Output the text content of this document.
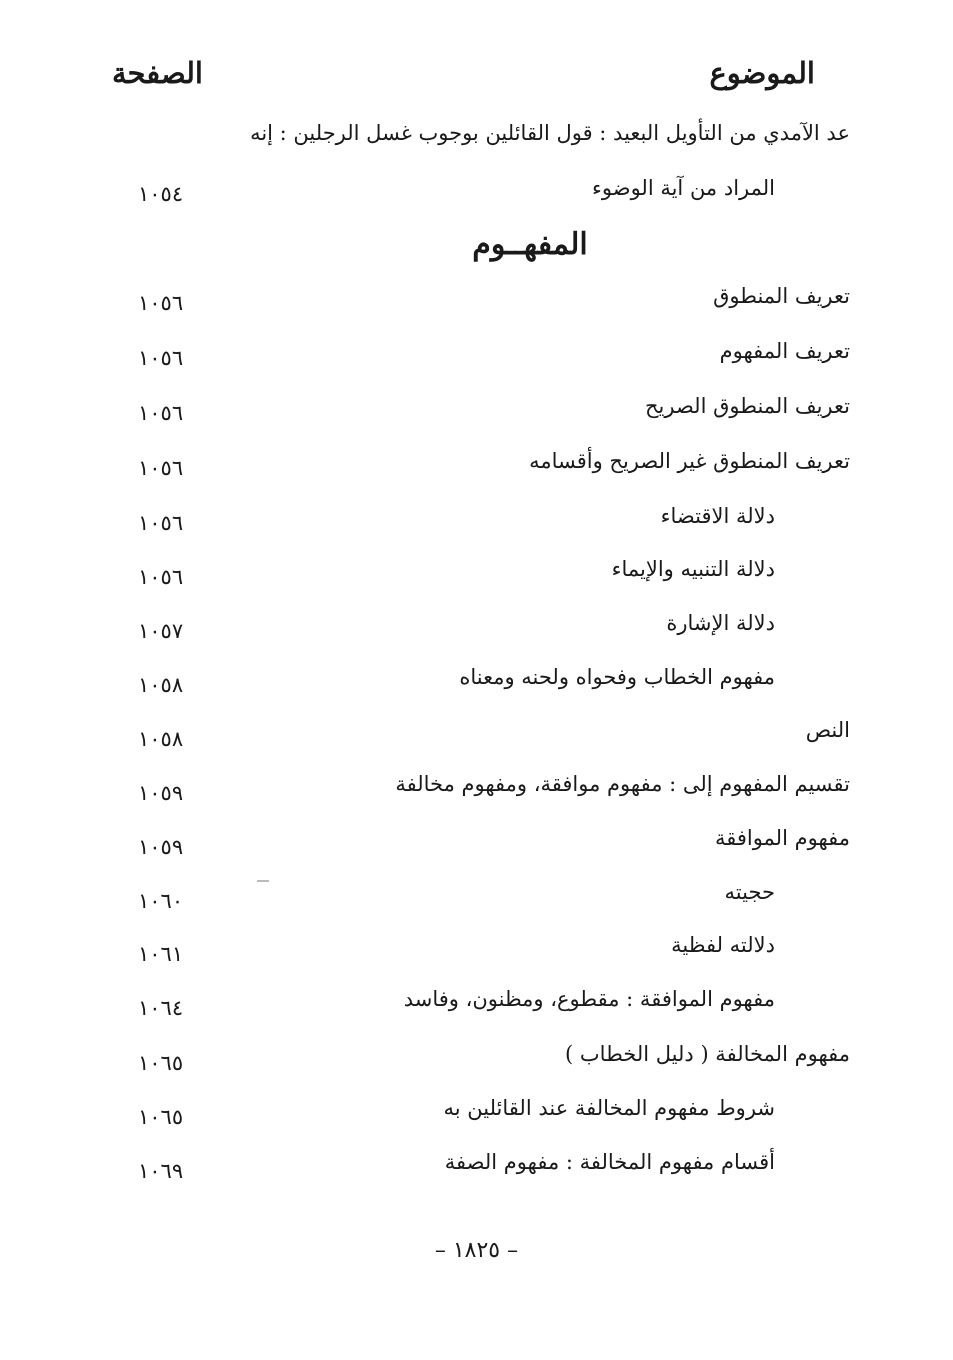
الموضوع
الصفحة
عد الآمدي من التأويل البعيد : قول القائلين بوجوب غسل الرجلين : إنه
المراد من آية الوضوء
١٠٥٤
المفهــوم
تعريف المنطوق
١٠٥٦
تعريف المفهوم
١٠٥٦
تعريف المنطوق الصريح
١٠٥٦
تعريف المنطوق غير الصريح وأقسامه
١٠٥٦
دلالة الاقتضاء
١٠٥٦
دلالة التنبيه والإيماء
١٠٥٦
دلالة الإشارة
١٠٥٧
مفهوم الخطاب وفحواه ولحنه ومعناه
١٠٥٨
النص
١٠٥٨
تقسيم المفهوم إلى : مفهوم موافقة، ومفهوم مخالفة
١٠٥٩
مفهوم الموافقة
١٠٥٩
حجيته
١٠٦٠
دلالته لفظية
١٠٦١
مفهوم الموافقة : مقطوع، ومظنون، وفاسد
١٠٦٤
مفهوم المخالفة ( دليل الخطاب )
١٠٦٥
شروط مفهوم المخالفة عند القائلين به
١٠٦٥
أقسام مفهوم المخالفة : مفهوم الصفة
١٠٦٩
– ١٨٢٥ –
